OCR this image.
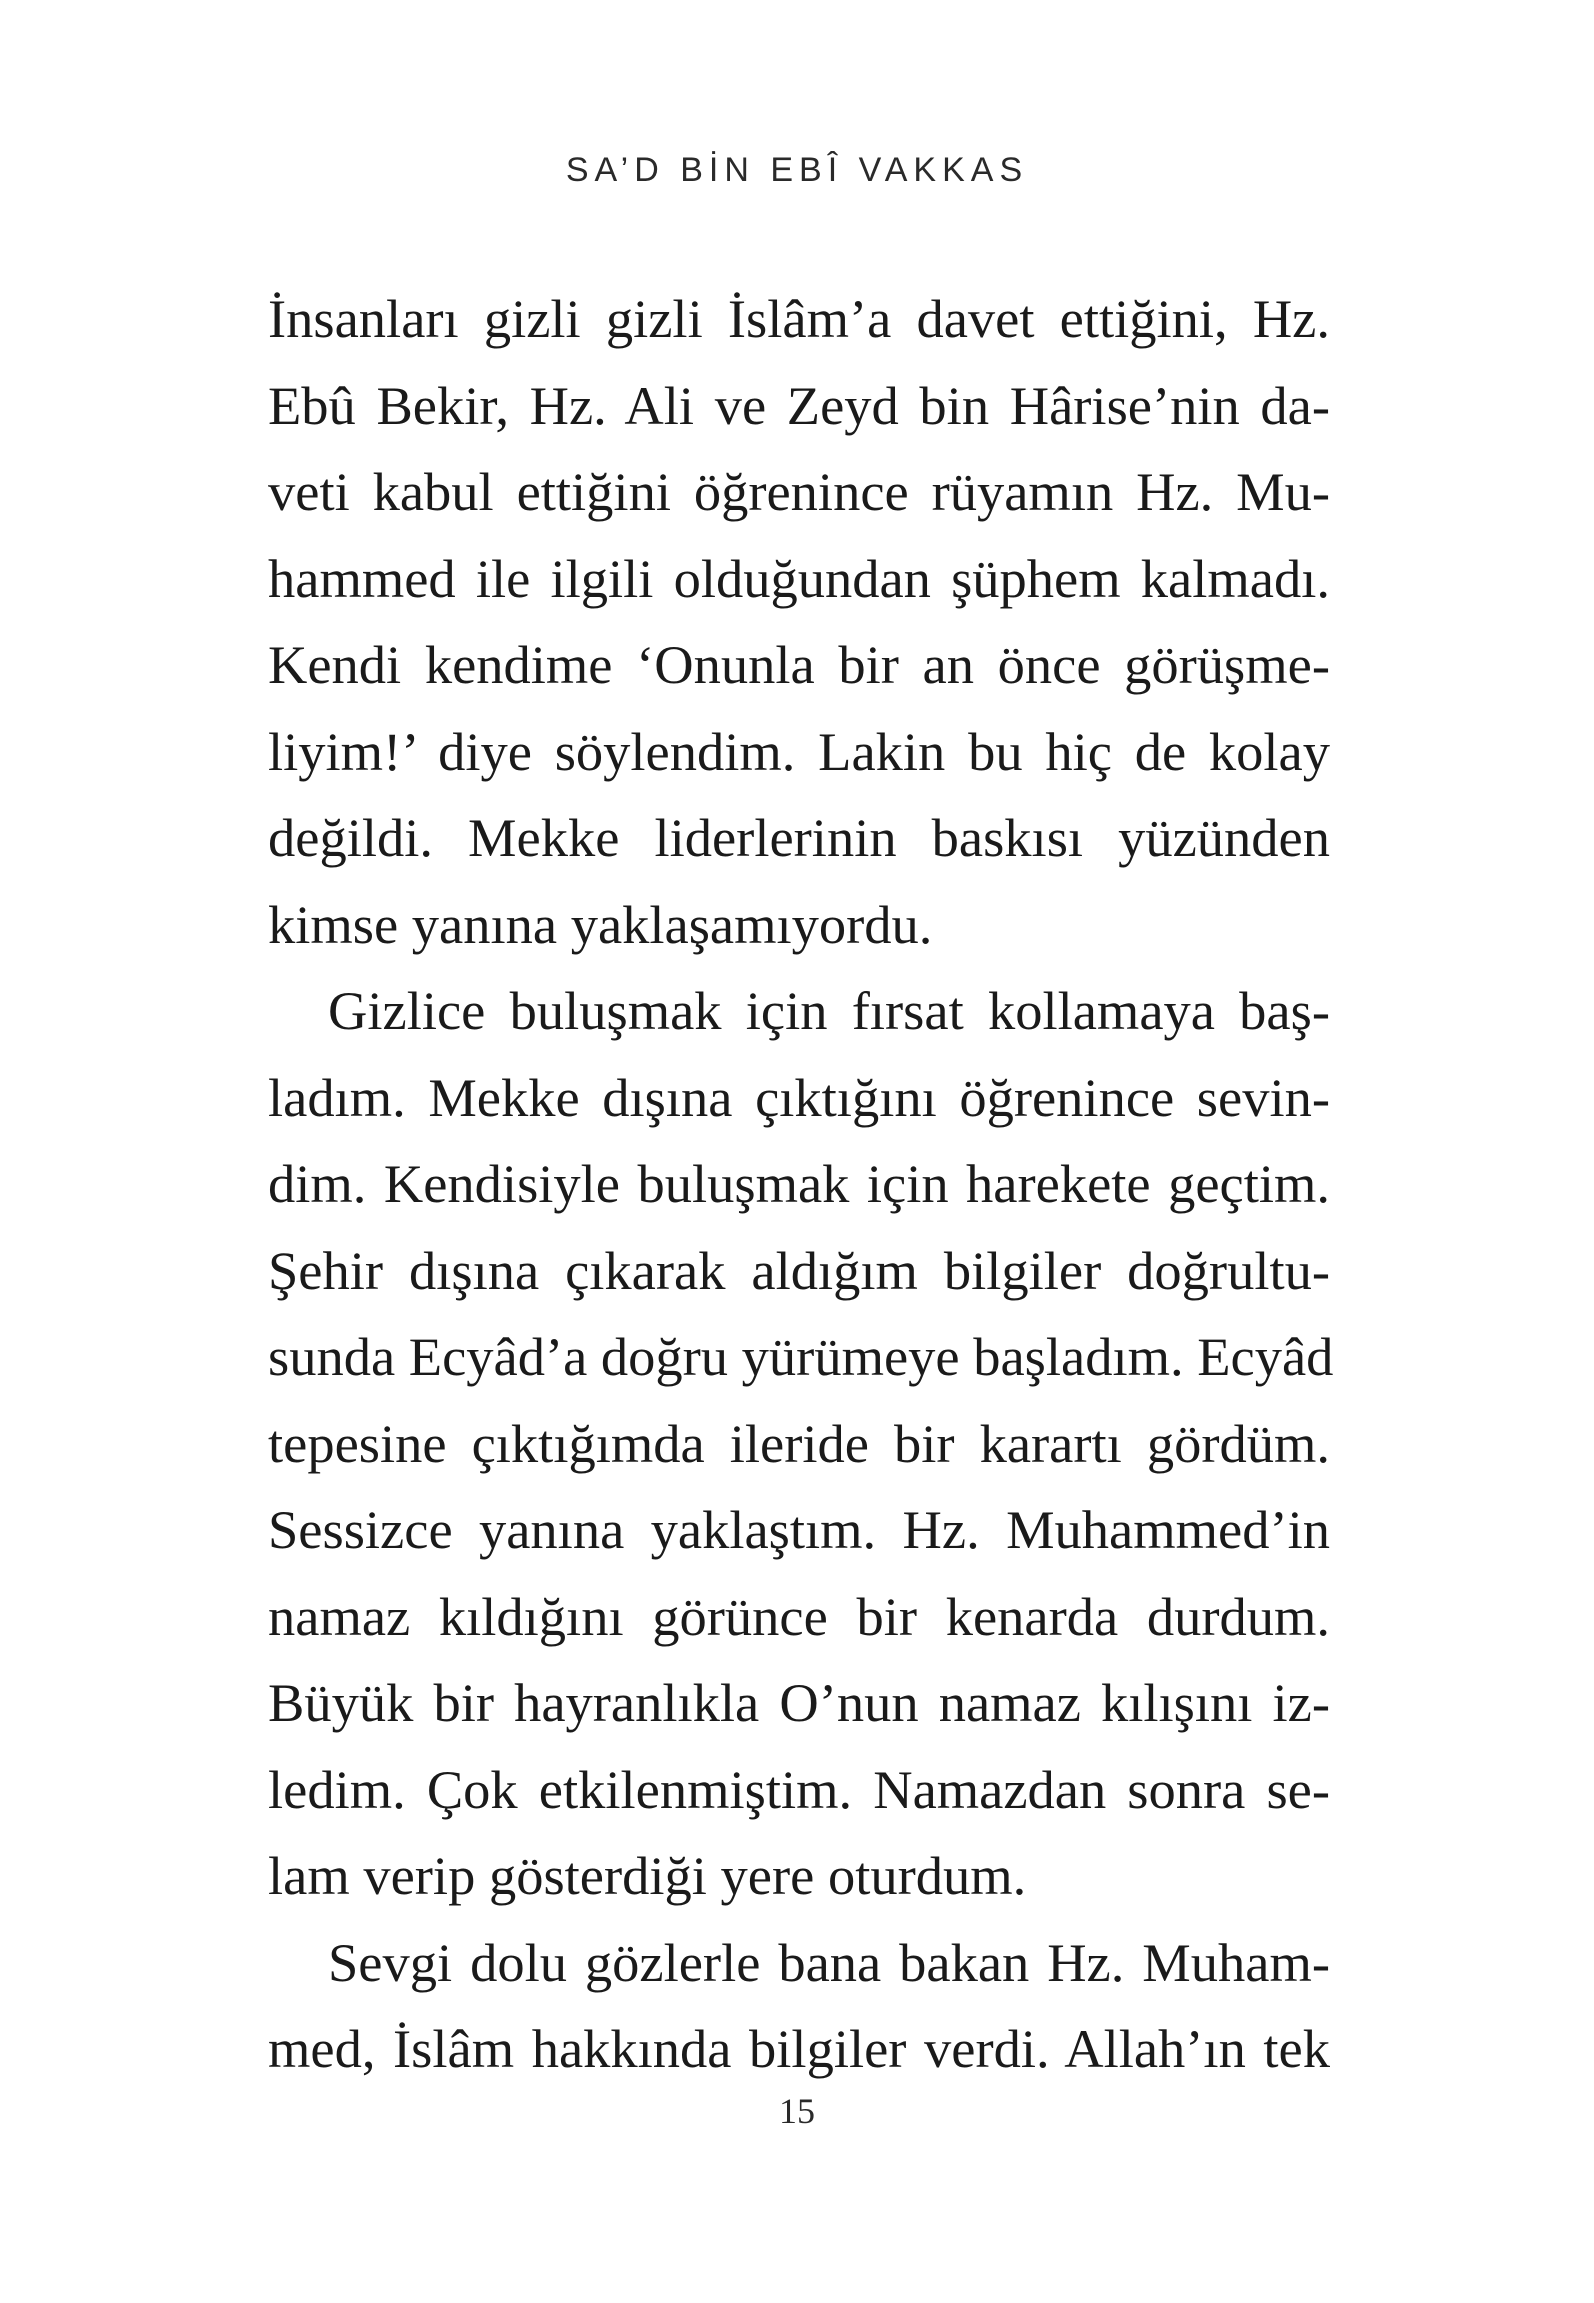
SA’D BİN EBÎ VAKKAS

İnsanları gizli gizli İslâm’a davet ettiğini, Hz.
Ebû Bekir, Hz. Ali ve Zeyd bin Hârise’nin da-
veti kabul ettiğini öğrenince rüyamın Hz. Mu-
hammed ile ilgili olduğundan şüphem kalmadı.
Kendi kendime ‘Onunla bir an önce görüşme-
liyim!’ diye söylendim. Lakin bu hiç de kolay
değildi. Mekke liderlerinin baskısı yüzünden
kimse yanına yaklaşamıyordu.
Gizlice buluşmak için fırsat kollamaya baş-
ladım. Mekke dışına çıktığını öğrenince sevin-
dim. Kendisiyle buluşmak için harekete geçtim.
Şehir dışına çıkarak aldığım bilgiler doğrultu-
sunda Ecyâd’a doğru yürümeye başladım. Ecyâd
tepesine çıktığımda ileride bir karartı gördüm.
Sessizce yanına yaklaştım. Hz. Muhammed’in
namaz kıldığını görünce bir kenarda durdum.
Büyük bir hayranlıkla O’nun namaz kılışını iz-
ledim. Çok etkilenmiştim. Namazdan sonra se-
lam verip gösterdiği yere oturdum.
Sevgi dolu gözlerle bana bakan Hz. Muham-
med, İslâm hakkında bilgiler verdi. Allah’ın tek

15
